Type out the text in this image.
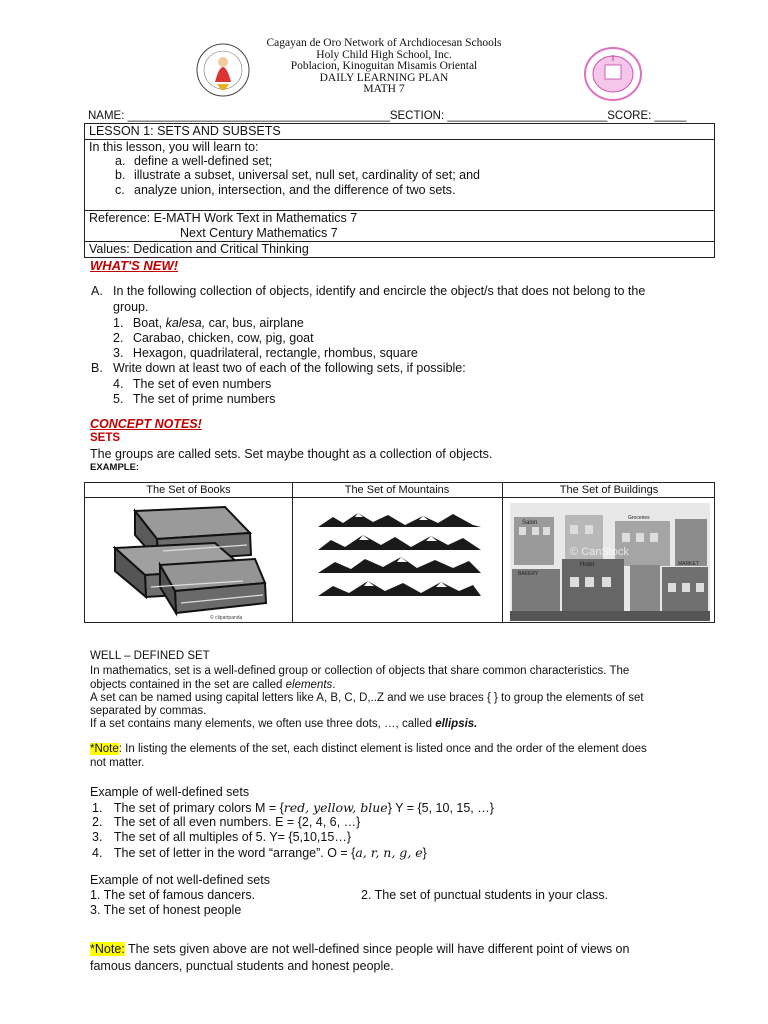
Cagayan de Oro Network of Archdiocesan Schools
Holy Child High School, Inc.
Poblacion, Kinoguitan Misamis Oriental
DAILY LEARNING PLAN
MATH 7
NAME: _________________________________________SECTION: _________________________SCORE: _____
LESSON 1: SETS AND SUBSETS
In this lesson, you will learn to:
a. define a well-defined set;
b. illustrate a subset, universal set, null set, cardinality of set; and
c. analyze union, intersection, and the difference of two sets.
Reference: E-MATH Work Text in Mathematics 7
Next Century Mathematics 7
Values: Dedication and Critical Thinking
WHAT'S NEW!
A. In the following collection of objects, identify and encircle the object/s that does not belong to the
group.
1. Boat, kalesa, car, bus, airplane
2. Carabao, chicken, cow, pig, goat
3. Hexagon, quadrilateral, rectangle, rhombus, square
B. Write down at least two of each of the following sets, if possible:
4. The set of even numbers
5. The set of prime numbers
CONCEPT NOTES!
SETS
The groups are called sets. Set maybe thought as a collection of objects.
EXAMPLE:
The Set of Books	The Set of Mountains	The Set of Buildings
© clipartpanda
Salon
Hotel	MARKET
Groceries
BAKERY
© CanStock
WELL – DEFINED SET
In mathematics, set is a well-defined group or collection of objects that share common characteristics. The
objects contained in the set are called elements.
A set can be named using capital letters like A, B, C, D,..Z and we use braces { } to group the elements of set
separated by commas.
If a set contains many elements, we often use three dots, …, called ellipsis.
*Note: In listing the elements of the set, each distinct element is listed once and the order of the element does
not matter.
Example of well-defined sets
1. The set of primary colors M = {red, yellow, blue} Y = {5, 10, 15, …}
2. The set of all even numbers. E = {2, 4, 6, …}
3. The set of all multiples of 5. Y= {5,10,15…}
4. The set of letter in the word “arrange”. O = {a, r, n, g, e}
Example of not well-defined sets
1. The set of famous dancers.	2. The set of punctual students in your class.
3. The set of honest people
*Note: The sets given above are not well-defined since people will have different point of views on
famous dancers, punctual students and honest people.
